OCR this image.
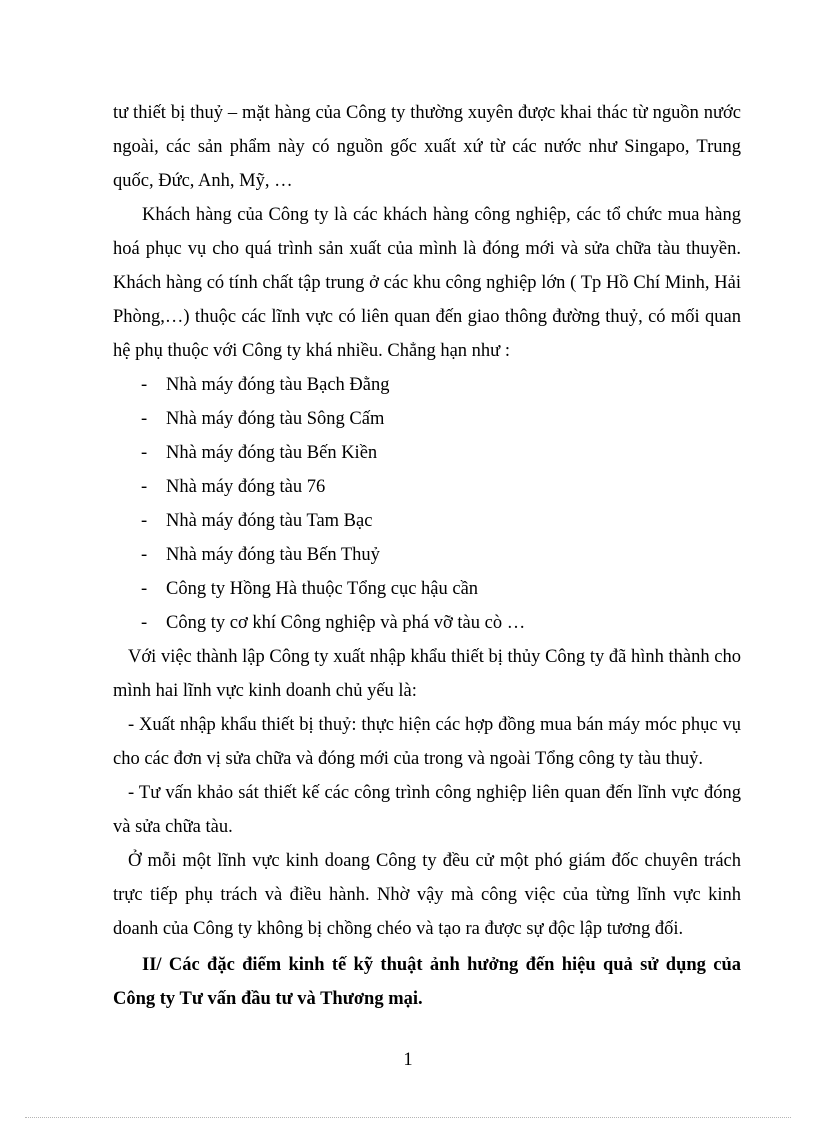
tư thiết bị thuỷ – mặt hàng của Công ty thường xuyên được khai thác từ nguồn nước ngoài, các sản phẩm này có nguồn gốc xuất xứ từ các nước như Singapo, Trung quốc, Đức, Anh, Mỹ, …

Khách hàng của Công ty là các khách hàng công nghiệp, các tổ chức mua hàng hoá phục vụ cho quá trình sản xuất của mình là đóng mới và sửa chữa tàu thuyền. Khách hàng có tính chất tập trung ở các khu công nghiệp lớn ( Tp Hồ Chí Minh, Hải Phòng,…) thuộc các lĩnh vực có liên quan đến giao thông đường thuỷ, có mối quan hệ phụ thuộc với Công ty khá nhiều. Chẳng hạn như :

- Nhà máy đóng tàu Bạch Đằng
- Nhà máy đóng tàu Sông Cấm
- Nhà máy đóng tàu Bến Kiền
- Nhà máy đóng tàu 76
- Nhà máy đóng tàu Tam Bạc
- Nhà máy đóng tàu Bến Thuỷ
- Công ty Hồng Hà thuộc Tổng cục hậu cần
- Công ty cơ khí Công nghiệp và phá vỡ tàu cò …

Với việc thành lập Công ty xuất nhập khẩu thiết bị thủy Công ty đã hình thành cho mình hai lĩnh vực kinh doanh chủ yếu là:

- Xuất nhập khẩu thiết bị thuỷ: thực hiện các hợp đồng mua bán máy móc phục vụ cho các đơn vị sửa chữa và đóng mới của trong và ngoài Tổng công ty tàu thuỷ.

- Tư vấn khảo sát thiết kế các công trình công nghiệp liên quan đến lĩnh vực đóng và sửa chữa tàu.

Ở mỗi một lĩnh vực kinh doang Công ty đều cử một phó giám đốc chuyên trách trực tiếp phụ trách và điều hành. Nhờ vậy mà công việc của từng lĩnh vực kinh doanh của Công ty không bị chồng chéo và tạo ra được sự độc lập tương đối.

II/ Các đặc điểm kinh tế kỹ thuật ảnh hưởng đến hiệu quả sử dụng của Công ty Tư vấn đầu tư và Thương mại.

1
